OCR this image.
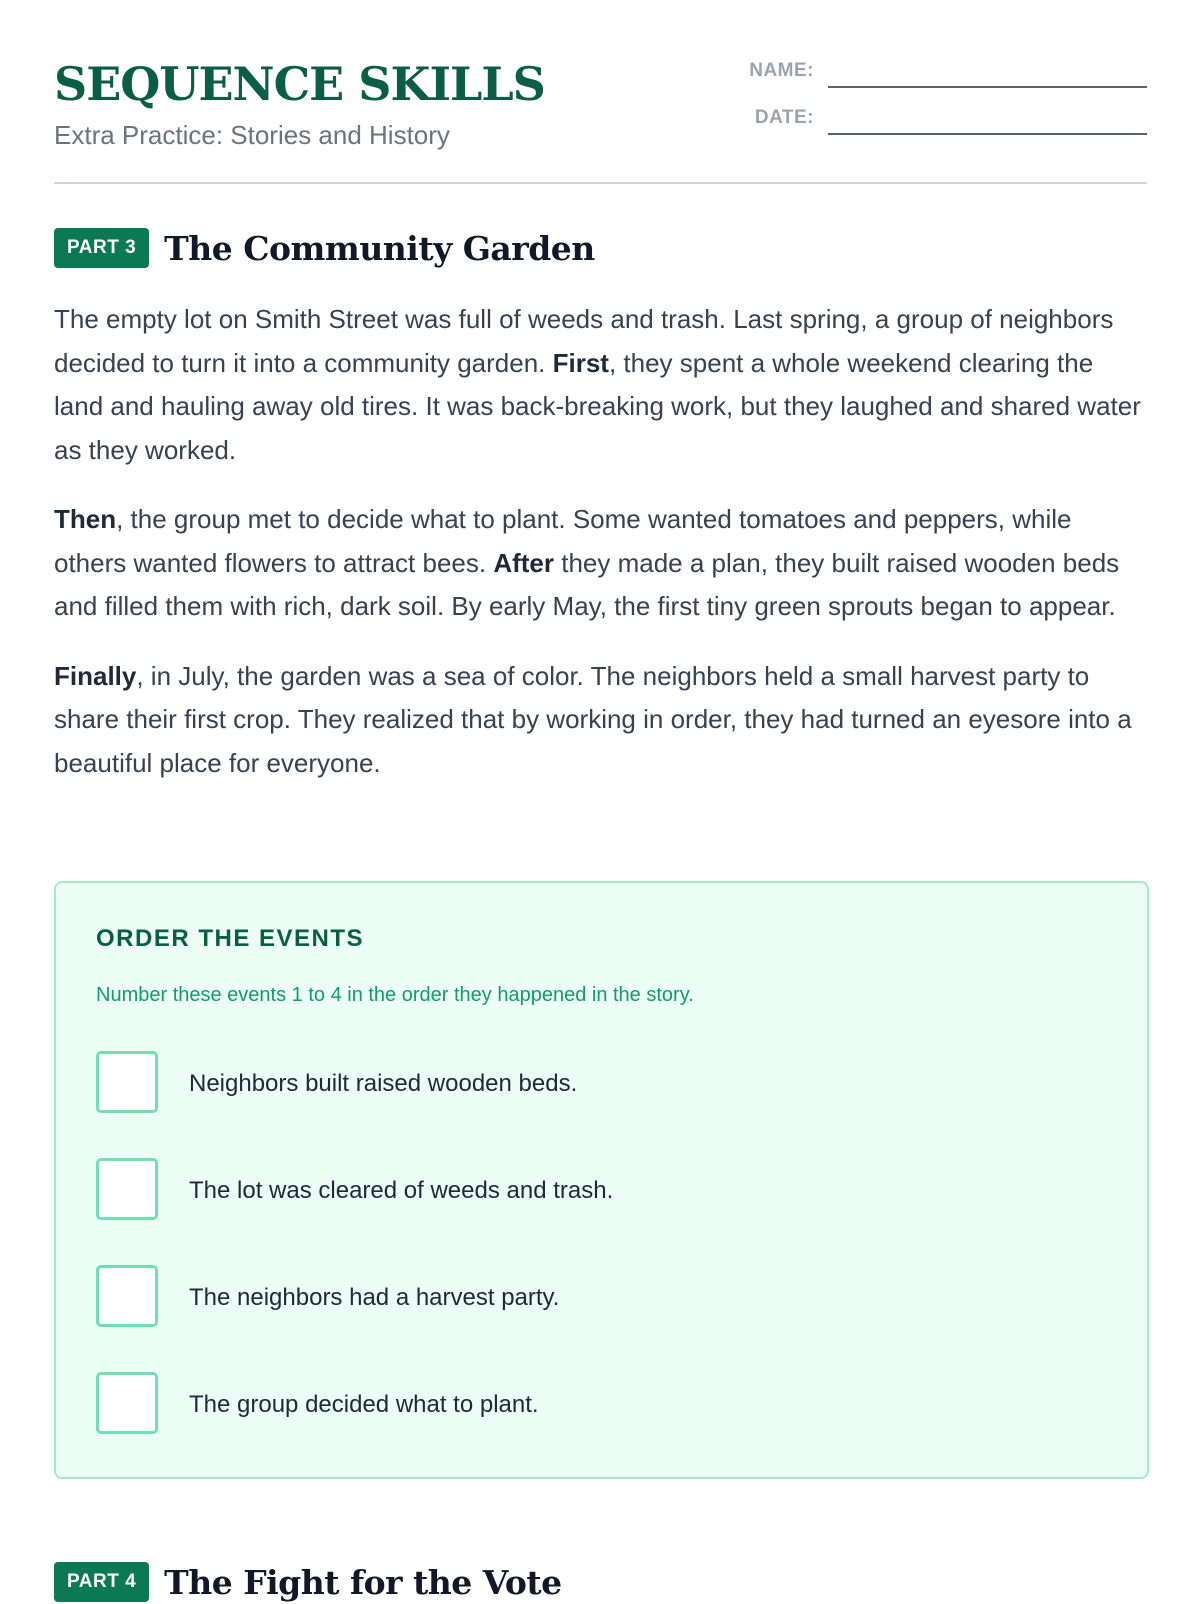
SEQUENCE SKILLS
Extra Practice: Stories and History
NAME:
DATE:
PART 3 The Community Garden

The empty lot on Smith Street was full of weeds and trash. Last spring, a group of neighbors decided to turn it into a community garden. First, they spent a whole weekend clearing the land and hauling away old tires. It was back-breaking work, but they laughed and shared water as they worked.

Then, the group met to decide what to plant. Some wanted tomatoes and peppers, while others wanted flowers to attract bees. After they made a plan, they built raised wooden beds and filled them with rich, dark soil. By early May, the first tiny green sprouts began to appear.

Finally, in July, the garden was a sea of color. The neighbors held a small harvest party to share their first crop. They realized that by working in order, they had turned an eyesore into a beautiful place for everyone.

ORDER THE EVENTS
Number these events 1 to 4 in the order they happened in the story.
Neighbors built raised wooden beds.
The lot was cleared of weeds and trash.
The neighbors had a harvest party.
The group decided what to plant.
PART 4 The Fight for the Vote
